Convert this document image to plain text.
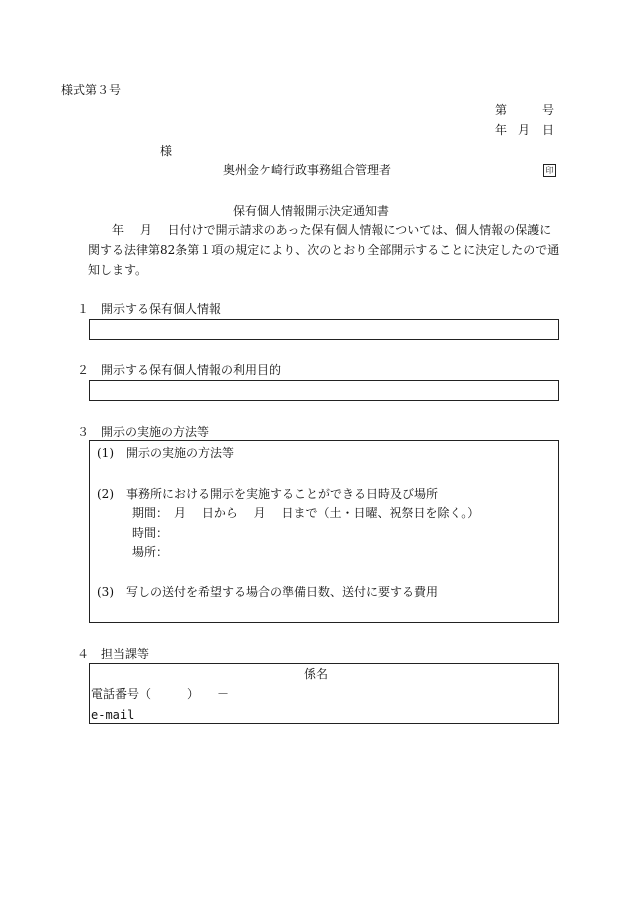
様式第３号
第	号
年 月 日
様
奥州金ケ崎行政事務組合管理者	印
保有個人情報開示決定通知書
年　 月　 日付けで開示請求のあった保有個人情報については、個人情報の保護に
関する法律第82条第１項の規定により、次のとおり全部開示することに決定したので通
知します。
１　開示する保有個人情報
２　開示する保有個人情報の利用目的
３　開示の実施の方法等
(1)　開示の実施の方法等
(2)　事務所における開示を実施することができる日時及び場所
期間：　月　 日から　 月　 日まで（土・日曜、祝祭日を除く。）
時間：
場所：
(3)　写しの送付を希望する場合の準備日数、送付に要する費用
４　担当課等
係名
電話番号（　　　）　　－
e-mail
